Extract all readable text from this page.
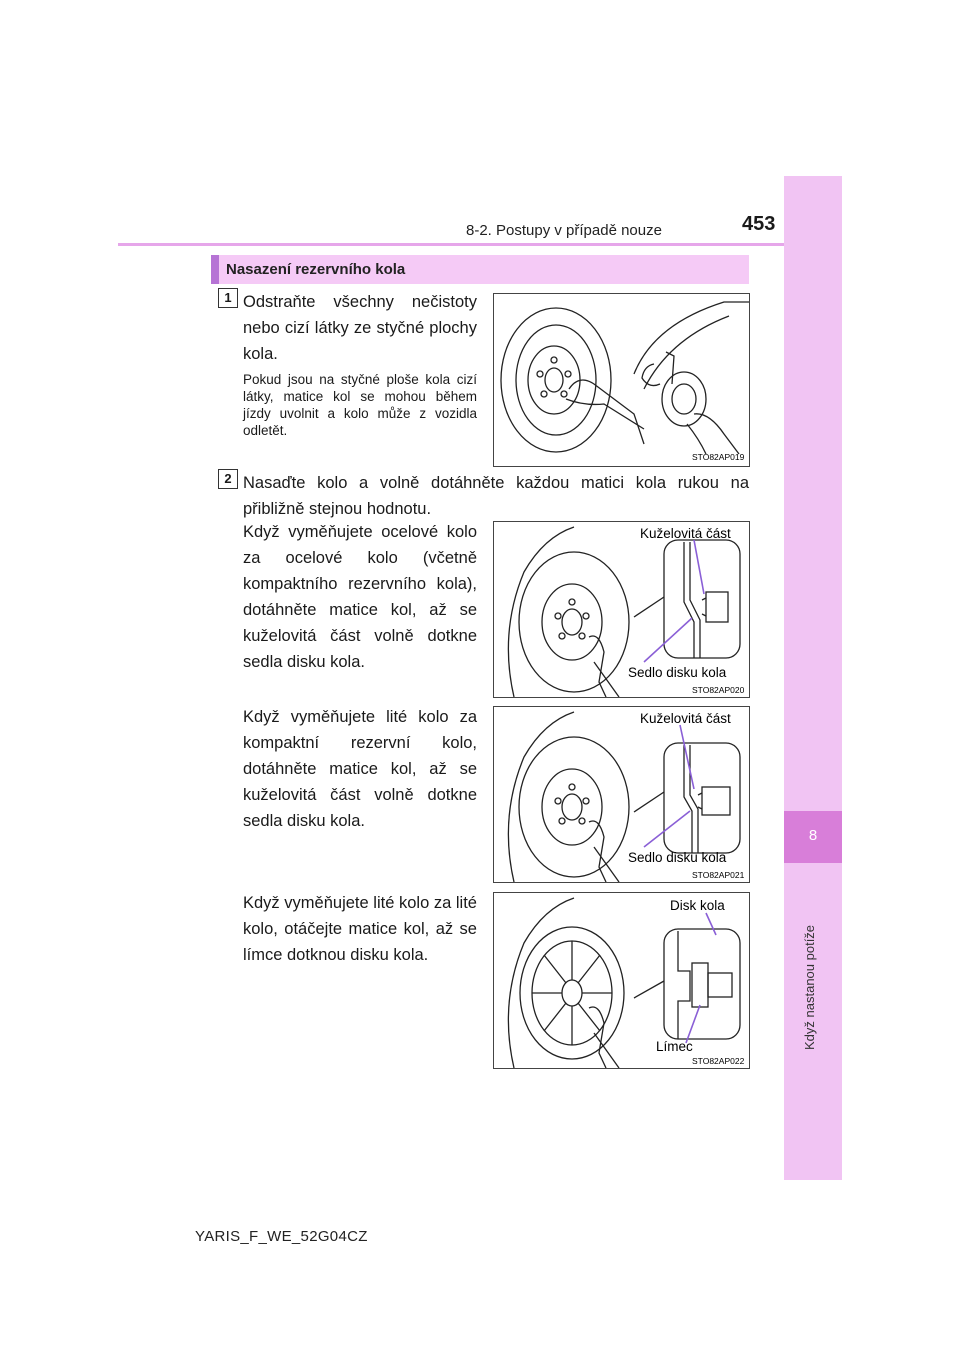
8-2. Postupy v případě nouze	453
8
Když nastanou potíže
Nasazení rezervního kola
1 Odstraňte všechny nečistoty nebo cizí látky ze styčné plochy kola.
Pokud jsou na styčné ploše kola cizí látky, matice kol se mohou během jízdy uvolnit a kolo může z vozidla odletět.
STO82AP019
2 Nasaďte kolo a volně dotáhněte každou matici kola rukou na přibližně stejnou hodnotu.
Když vyměňujete ocelové kolo za ocelové kolo (včetně kompaktního rezervního kola), dotáhněte matice kol, až se kuželovitá část volně dotkne sedla disku kola.
Kuželovitá část
Sedlo disku kola
STO82AP020
Když vyměňujete lité kolo za kompaktní rezervní kolo, dotáhněte matice kol, až se kuželovitá část volně dotkne sedla disku kola.
Kuželovitá část
Sedlo disku kola
STO82AP021
Když vyměňujete lité kolo za lité kolo, otáčejte matice kol, až se límce dotknou disku kola.
Disk kola
Límec
STO82AP022
YARIS_F_WE_52G04CZ
